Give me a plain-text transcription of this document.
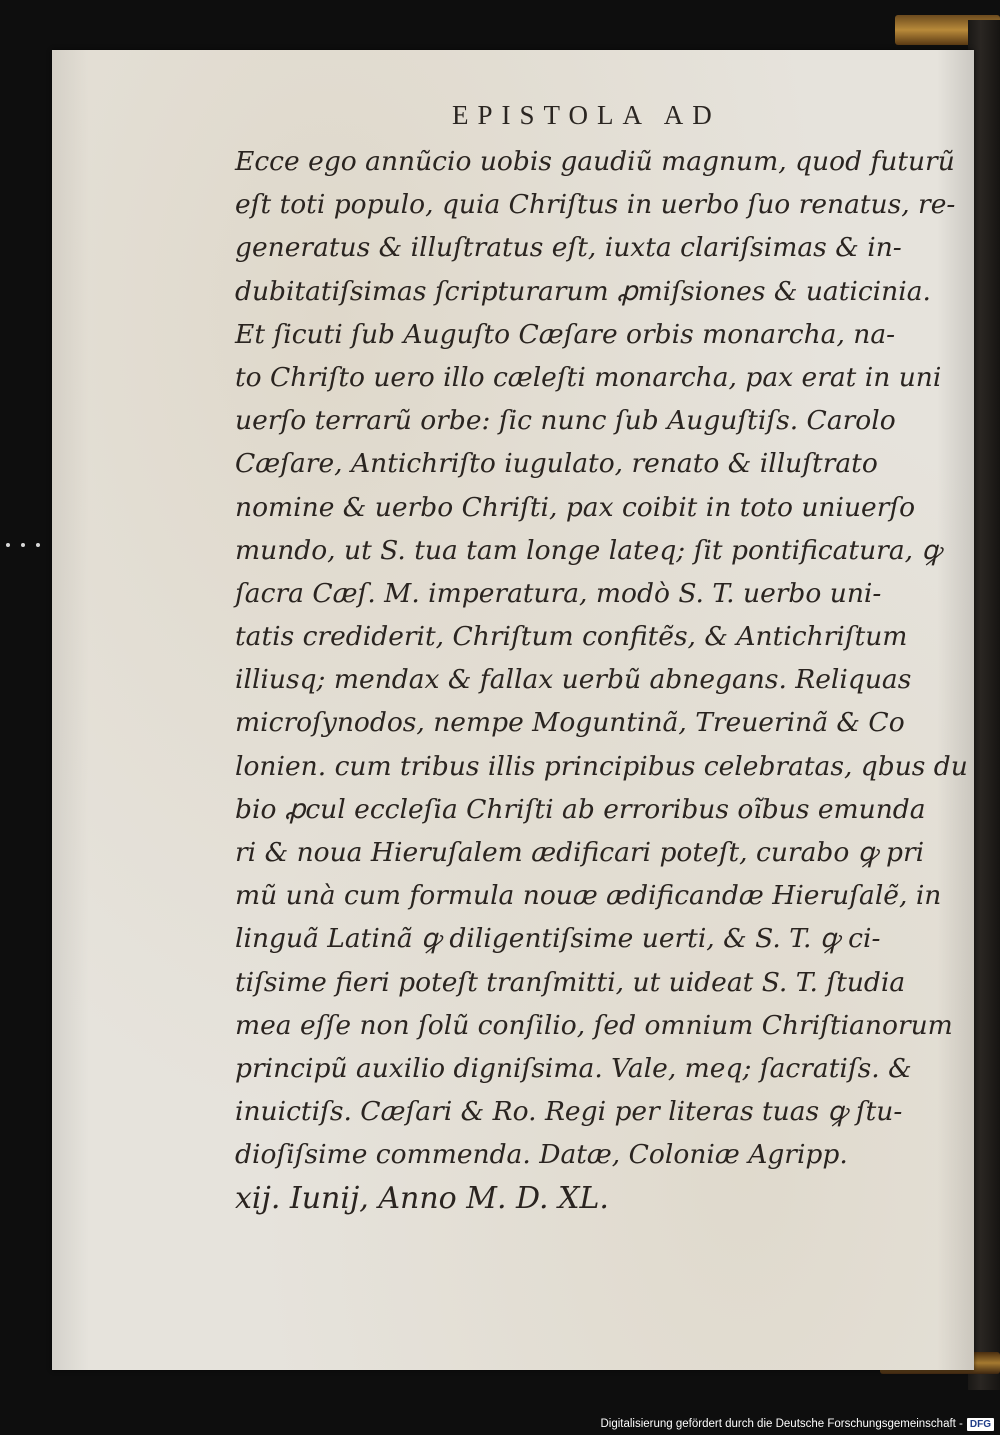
EPISTOLA AD
Ecce ego annũcio uobis gaudiũ magnum, quod futurũ
eſt toti populo, quia Chriſtus in uerbo ſuo renatus, re-
generatus & illuſtratus eſt, iuxta clariſsimas & in-
dubitatiſsimas ſcripturarum ꝓmiſsiones & uaticinia.
Et ſicuti ſub Auguſto Cæſare orbis monarcha, na-
to Chriſto uero illo cæleſti monarcha, pax erat in uni
uerſo terrarũ orbe: ſic nunc ſub Auguſtiſs. Carolo
Cæſare, Antichriſto iugulato, renato & illuſtrato
nomine & uerbo Chriſti, pax coibit in toto uniuerſo
mundo, ut S. tua tam longe lateq; ſit pontificatura, ꝙ
ſacra Cæſ. M. imperatura, modò S. T. uerbo uni-
tatis crediderit, Chriſtum confitẽs, & Antichriſtum
illiusq; mendax & fallax uerbũ abnegans. Reliquas
microſynodos, nempe Moguntinã, Treuerinã & Co
lonien. cum tribus illis principibus celebratas, qbus du
bio ꝓcul eccleſia Chriſti ab erroribus oĩbus emunda
ri & noua Hieruſalem ædificari poteſt, curabo ꝙ pri
mũ unà cum formula nouæ ædificandæ Hieruſalẽ, in
linguã Latinã ꝙ diligentiſsime uerti, & S. T. ꝙ ci-
tiſsime fieri poteſt tranſmitti, ut uideat S. T. ſtudia
mea eſſe non ſolũ conſilio, ſed omnium Chriſtianorum
principũ auxilio digniſsima. Vale, meq; ſacratiſs. &
inuictiſs. Cæſari & Ro. Regi per literas tuas ꝙ ſtu-
dioſiſsime commenda. Datæ, Coloniæ Agripp.
xij. Iunij, Anno M. D. XL.
Digitalisierung gefördert durch die Deutsche Forschungsgemeinschaft - DFG
